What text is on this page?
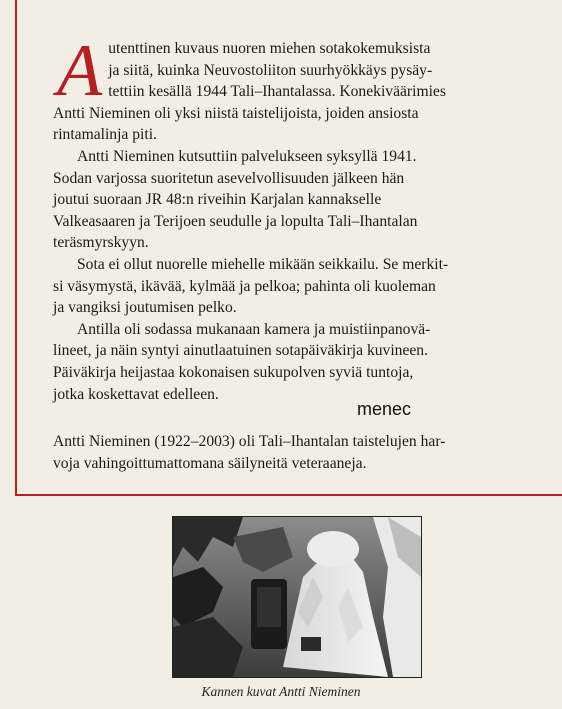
A utenttinen kuvaus nuoren miehen sotakokemuksista
ja siitä, kuinka Neuvostoliiton suurhyökkäys pysäy-
tettiin kesällä 1944 Tali–Ihantalassa. Konekiväärimies

Antti Nieminen oli yksi niistä taistelijoista, joiden ansiosta
rintamalinja piti.

Antti Nieminen kutsuttiin palvelukseen syksyllä 1941.
Sodan varjossa suoritetun asevelvollisuuden jälkeen hän
joutui suoraan JR 48:n riveihin Karjalan kannakselle
Valkeasaaren ja Terijoen seudulle ja lopulta Tali–Ihantalan
teräsmyrskyyn.

Sota ei ollut nuorelle miehelle mikään seikkailu. Se merkit-
si väsymystä, ikävää, kylmää ja pelkoa; pahinta oli kuoleman
ja vangiksi joutumisen pelko.

Antilla oli sodassa mukanaan kamera ja muistiinpanovä-
lineet, ja näin syntyi ainutlaatuinen sotapäiväkirja kuvineen.
Päiväkirja heijastaa kokonaisen sukupolven syviä tuntoja,
jotka koskettavat edelleen.

Antti Nieminen (1922–2003) oli Tali–Ihantalan taistelujen har-
voja vahingoittumattomana säilyneitä veteraaneja.

menec
Kannen kuvat Antti Nieminen
